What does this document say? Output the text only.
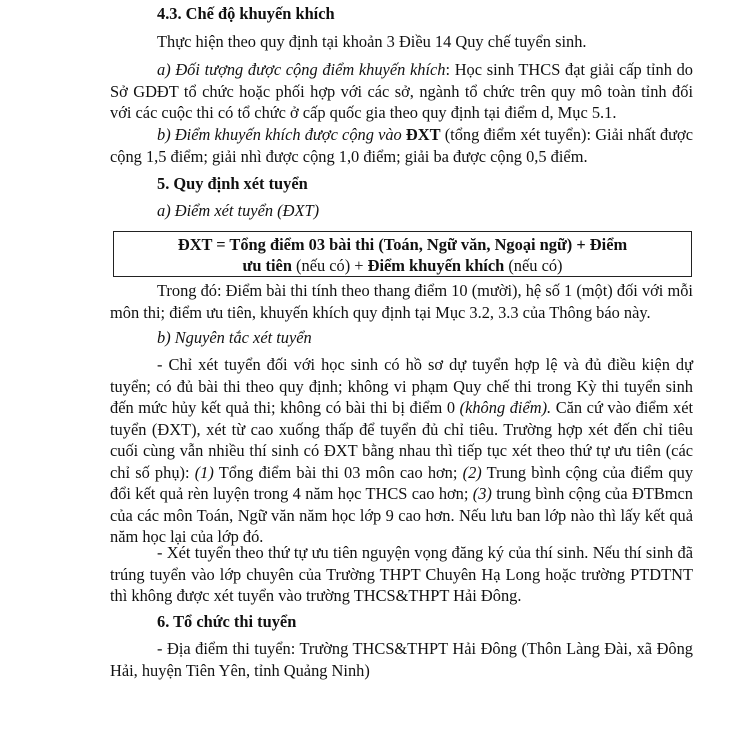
4.3. Chế độ khuyến khích
Thực hiện theo quy định tại khoản 3 Điều 14 Quy chế tuyển sinh.

a) Đối tượng được cộng điểm khuyến khích: Học sinh THCS đạt giải cấp tỉnh do Sở GDĐT tổ chức hoặc phối hợp với các sở, ngành tổ chức trên quy mô toàn tỉnh đối với các cuộc thi có tổ chức ở cấp quốc gia theo quy định tại điểm d, Mục 5.1.

b) Điểm khuyến khích được cộng vào ĐXT (tổng điểm xét tuyển): Giải nhất được cộng 1,5 điểm; giải nhì được cộng 1,0 điểm; giải ba được cộng 0,5 điểm.

5. Quy định xét tuyển
a) Điểm xét tuyển (ĐXT)
ĐXT = Tổng điểm 03 bài thi (Toán, Ngữ văn, Ngoại ngữ) + Điểm
ưu tiên (nếu có) + Điểm khuyến khích (nếu có)

Trong đó: Điểm bài thi tính theo thang điểm 10 (mười), hệ số 1 (một) đối với mỗi môn thi; điểm ưu tiên, khuyến khích quy định tại Mục 3.2, 3.3 của Thông báo này.

b) Nguyên tắc xét tuyển

- Chỉ xét tuyển đối với học sinh có hồ sơ dự tuyển hợp lệ và đủ điều kiện dự tuyển; có đủ bài thi theo quy định; không vi phạm Quy chế thi trong Kỳ thi tuyển sinh đến mức hủy kết quả thi; không có bài thi bị điểm 0 (không điểm). Căn cứ vào điểm xét tuyển (ĐXT), xét từ cao xuống thấp để tuyển đủ chỉ tiêu. Trường hợp xét đến chỉ tiêu cuối cùng vẫn nhiều thí sinh có ĐXT bằng nhau thì tiếp tục xét theo thứ tự ưu tiên (các chỉ số phụ): (1) Tổng điểm bài thi 03 môn cao hơn; (2) Trung bình cộng của điểm quy đổi kết quả rèn luyện trong 4 năm học THCS cao hơn; (3) trung bình cộng của ĐTBmcn của các môn Toán, Ngữ văn năm học lớp 9 cao hơn. Nếu lưu ban lớp nào thì lấy kết quả năm học lại của lớp đó.

- Xét tuyển theo thứ tự ưu tiên nguyện vọng đăng ký của thí sinh. Nếu thí sinh đã trúng tuyển vào lớp chuyên của Trường THPT Chuyên Hạ Long hoặc trường PTDTNT thì không được xét tuyển vào trường THCS&THPT Hải Đông.

6. Tổ chức thi tuyển

- Địa điểm thi tuyển: Trường THCS&THPT Hải Đông (Thôn Làng Đài, xã Đông Hải, huyện Tiên Yên, tỉnh Quảng Ninh)
